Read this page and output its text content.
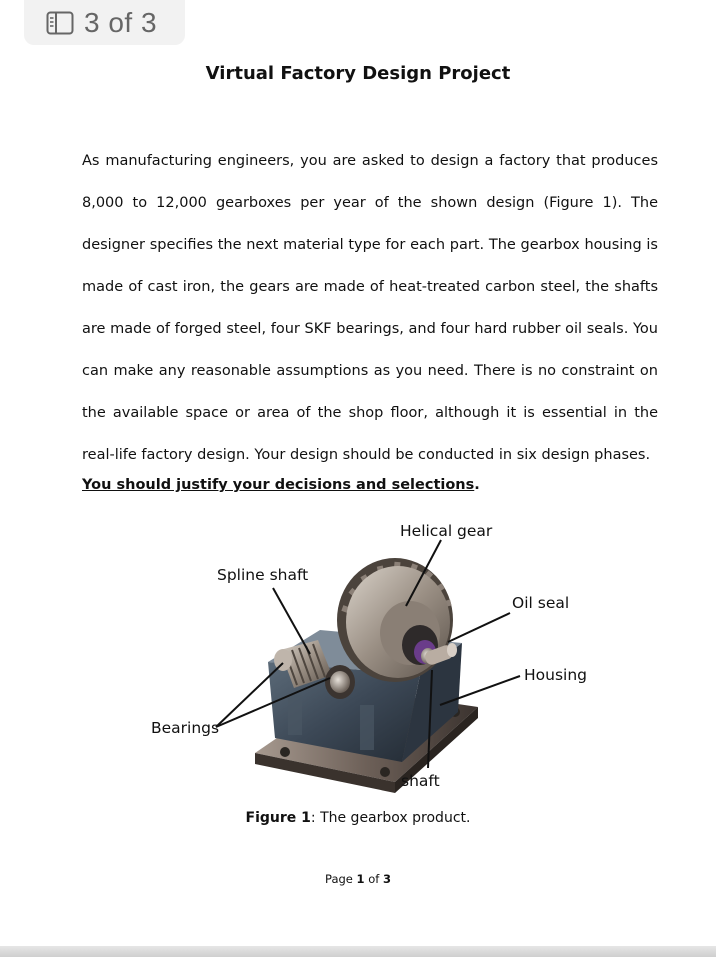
3 of 3
Virtual Factory Design Project

As manufacturing engineers, you are asked to design a factory that produces 8,000 to 12,000 gearboxes per year of the shown design (Figure 1). The designer specifies the next material type for each part. The gearbox housing is made of cast iron, the gears are made of heat-treated carbon steel, the shafts are made of forged steel, four SKF bearings, and four hard rubber oil seals. You can make any reasonable assumptions as you need. There is no constraint on the available space or area of the shop floor, although it is essential in the real-life factory design. Your design should be conducted in six design phases.

You should justify your decisions and selections.
Helical gear
Spline shaft
Oil seal
Housing
Bearings
shaft
Figure 1: The gearbox product.
Page 1 of 3
